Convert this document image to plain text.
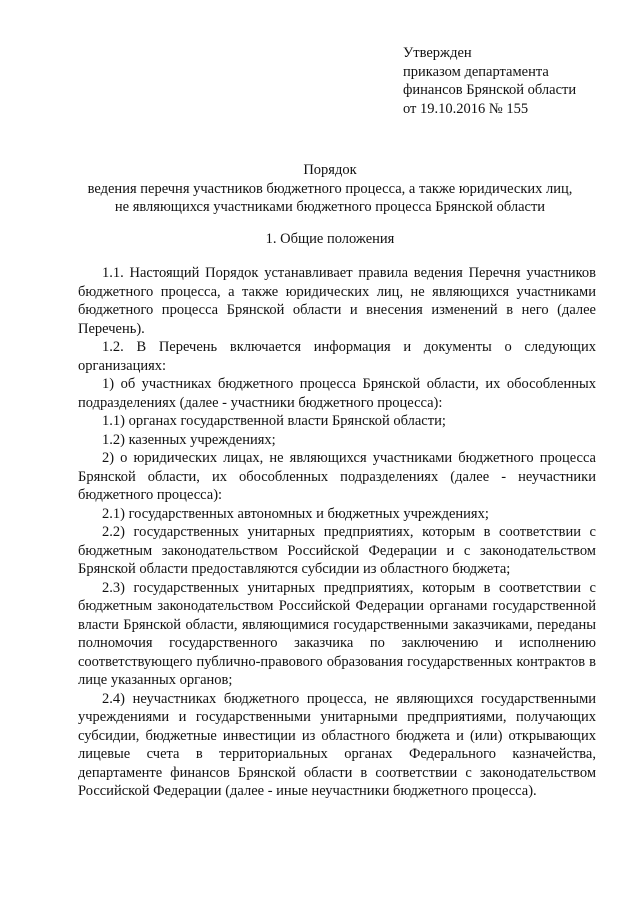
Утвержден
приказом департамента
финансов Брянской области
от 19.10.2016 № 155
Порядок
ведения перечня участников бюджетного процесса, а также юридических лиц,
не являющихся участниками бюджетного процесса Брянской области
1. Общие положения

1.1. Настоящий Порядок устанавливает правила ведения Перечня участников бюджетного процесса, а также юридических лиц, не являющихся участниками бюджетного процесса Брянской области и внесения изменений в него (далее Перечень).

1.2. В Перечень включается информация и документы о следующих организациях:

1) об участниках бюджетного процесса Брянской области, их обособленных подразделениях (далее - участники бюджетного процесса):

1.1) органах государственной власти Брянской области;

1.2) казенных учреждениях;

2) о юридических лицах, не являющихся участниками бюджетного процесса Брянской области, их обособленных подразделениях (далее - неучастники бюджетного процесса):

2.1) государственных автономных и бюджетных учреждениях;

2.2) государственных унитарных предприятиях, которым в соответствии с бюджетным законодательством Российской Федерации и с законодательством Брянской области предоставляются субсидии из областного бюджета;

2.3) государственных унитарных предприятиях, которым в соответствии с бюджетным законодательством Российской Федерации органами государственной власти Брянской области, являющимися государственными заказчиками, переданы полномочия государственного заказчика по заключению и исполнению соответствующего публично-правового образования государственных контрактов в лице указанных органов;

2.4) неучастниках бюджетного процесса, не являющихся государственными учреждениями и государственными унитарными предприятиями, получающих субсидии, бюджетные инвестиции из областного бюджета и (или) открывающих лицевые счета в территориальных органах Федерального казначейства, департаменте финансов Брянской области в соответствии с законодательством Российской Федерации (далее - иные неучастники бюджетного процесса).
